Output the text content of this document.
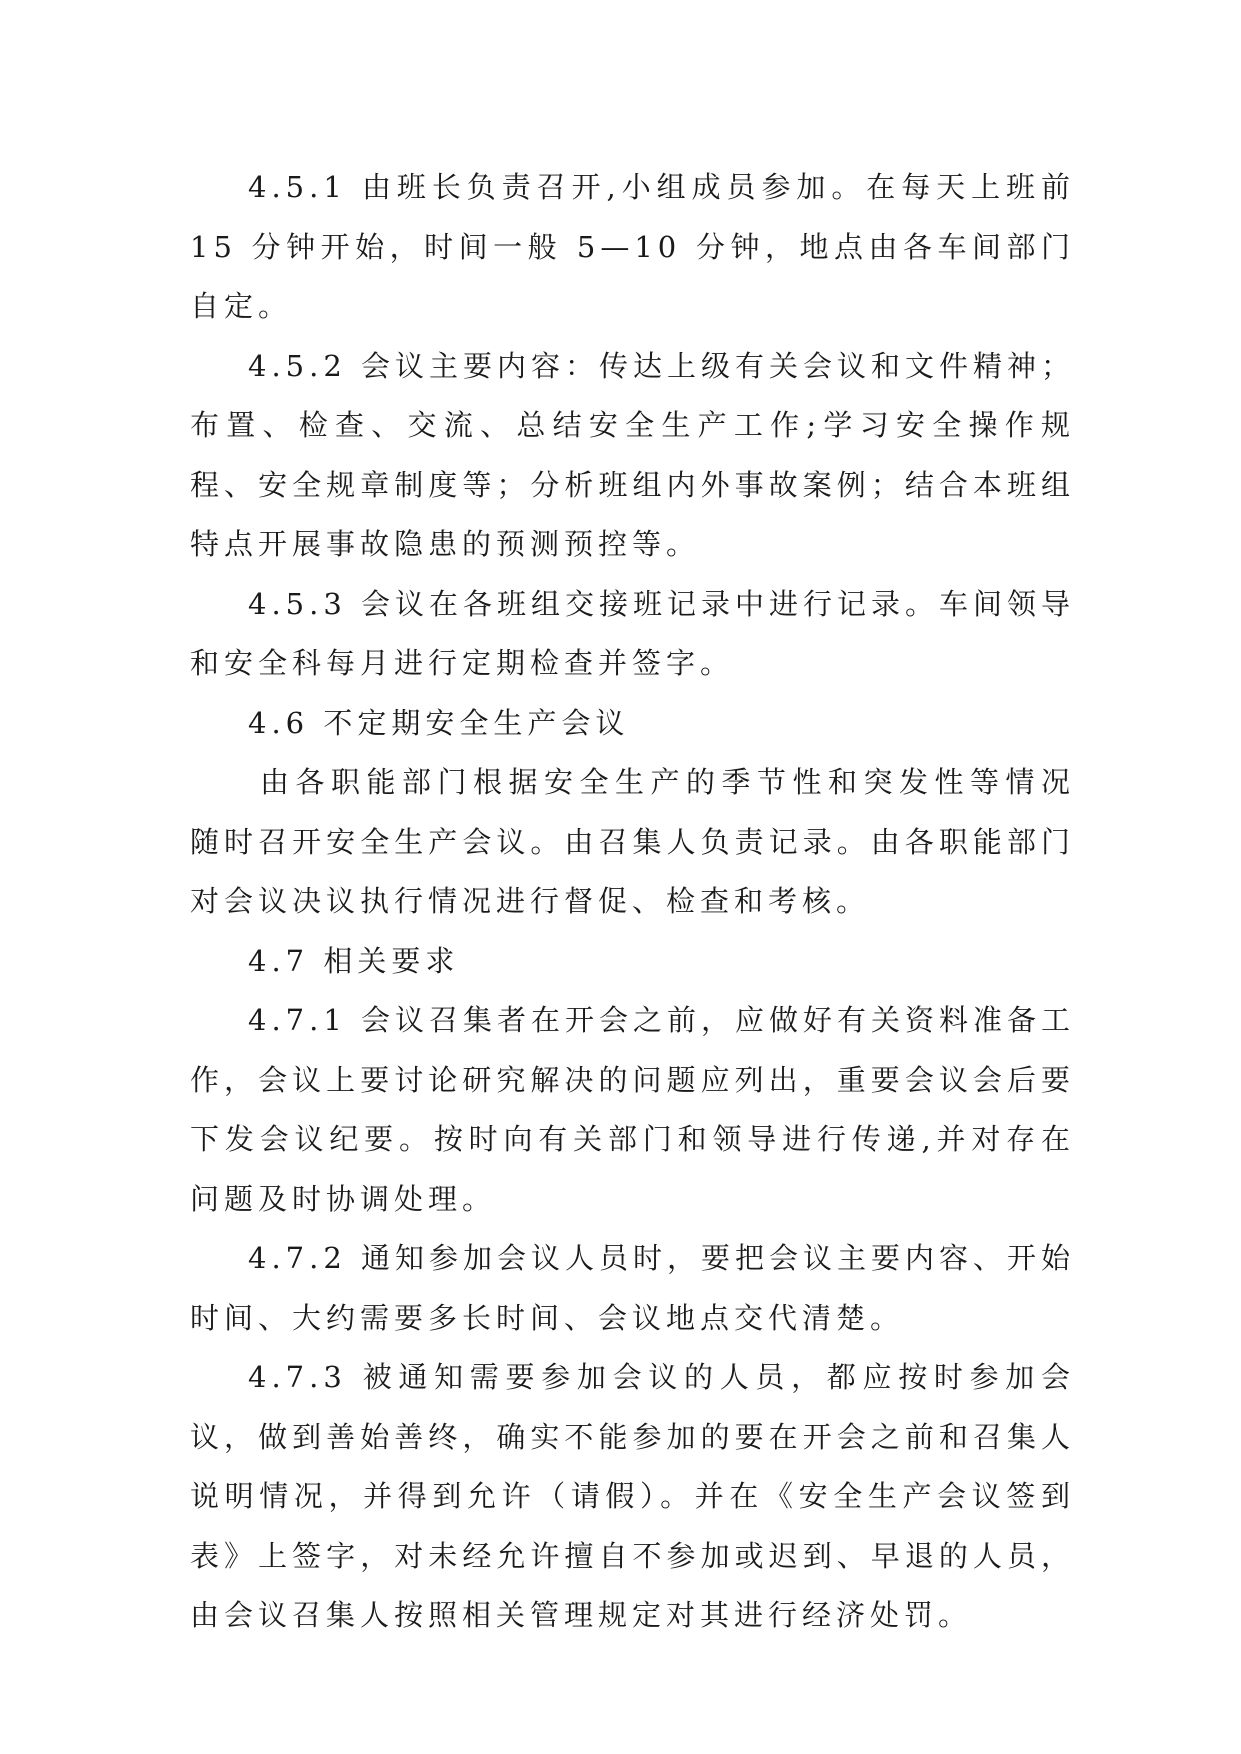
4.5.1 由班长负责召开,小组成员参加。在每天上班前 15 分钟开始，时间一般 5—10 分钟，地点由各车间部门自定。

4.5.2 会议主要内容：传达上级有关会议和文件精神；布置、检查、交流、总结安全生产工作;学习安全操作规程、安全规章制度等；分析班组内外事故案例；结合本班组特点开展事故隐患的预测预控等。

4.5.3 会议在各班组交接班记录中进行记录。车间领导和安全科每月进行定期检查并签字。

4.6 不定期安全生产会议

由各职能部门根据安全生产的季节性和突发性等情况随时召开安全生产会议。由召集人负责记录。由各职能部门对会议决议执行情况进行督促、检查和考核。

4.7 相关要求

4.7.1 会议召集者在开会之前，应做好有关资料准备工作，会议上要讨论研究解决的问题应列出，重要会议会后要下发会议纪要。按时向有关部门和领导进行传递,并对存在问题及时协调处理。

4.7.2 通知参加会议人员时，要把会议主要内容、开始时间、大约需要多长时间、会议地点交代清楚。

4.7.3 被通知需要参加会议的人员，都应按时参加会议，做到善始善终，确实不能参加的要在开会之前和召集人说明情况，并得到允许（请假）。并在《安全生产会议签到表》上签字，对未经允许擅自不参加或迟到、早退的人员，由会议召集人按照相关管理规定对其进行经济处罚。
